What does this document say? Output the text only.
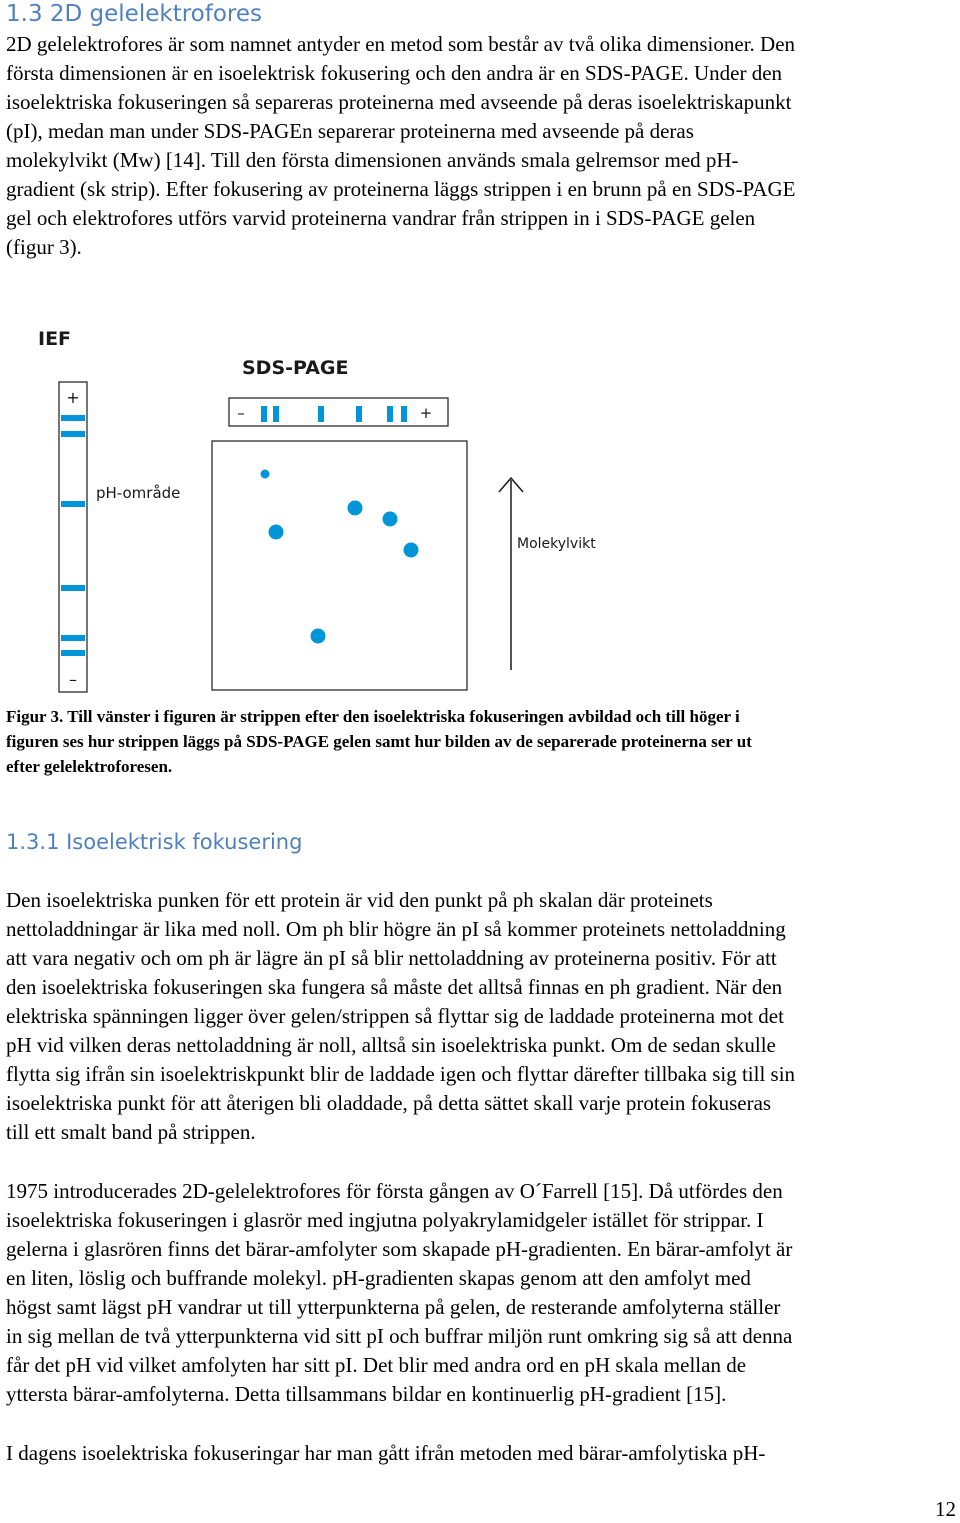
1.3 2D gelelektrofores
2D gelelektrofores är som namnet antyder en metod som består av två olika dimensioner. Den
första dimensionen är en isoelektrisk fokusering och den andra är en SDS-PAGE. Under den
isoelektriska fokuseringen så separeras proteinerna med avseende på deras isoelektriskapunkt
(pI), medan man under SDS-PAGEn separerar proteinerna med avseende på deras
molekylvikt (Mw) [14]. Till den första dimensionen används smala gelremsor med pH-
gradient (sk strip). Efter fokusering av proteinerna läggs strippen i en brunn på en SDS-PAGE
gel och elektrofores utförs varvid proteinerna vandrar från strippen in i SDS-PAGE gelen
(figur 3).
IEF
+
–
pH-område
SDS-PAGE
–	+
Molekylvikt
Figur 3. Till vänster i figuren är strippen efter den isoelektriska fokuseringen avbildad och till höger i
figuren ses hur strippen läggs på SDS-PAGE gelen samt hur bilden av de separerade proteinerna ser ut
efter gelelektroforesen.
1.3.1 Isoelektrisk fokusering
Den isoelektriska punken för ett protein är vid den punkt på ph skalan där proteinets
nettoladdningar är lika med noll. Om ph blir högre än pI så kommer proteinets nettoladdning
att vara negativ och om ph är lägre än pI så blir nettoladdning av proteinerna positiv. För att
den isoelektriska fokuseringen ska fungera så måste det alltså finnas en ph gradient. När den
elektriska spänningen ligger över gelen/strippen så flyttar sig de laddade proteinerna mot det
pH vid vilken deras nettoladdning är noll, alltså sin isoelektriska punkt. Om de sedan skulle
flytta sig ifrån sin isoelektriskpunkt blir de laddade igen och flyttar därefter tillbaka sig till sin
isoelektriska punkt för att återigen bli oladdade, på detta sättet skall varje protein fokuseras
till ett smalt band på strippen.
1975 introducerades 2D-gelelektrofores för första gången av O´Farrell [15]. Då utfördes den
isoelektriska fokuseringen i glasrör med ingjutna polyakrylamidgeler istället för strippar. I
gelerna i glasrören finns det bärar-amfolyter som skapade pH-gradienten. En bärar-amfolyt är
en liten, löslig och buffrande molekyl. pH-gradienten skapas genom att den amfolyt med
högst samt lägst pH vandrar ut till ytterpunkterna på gelen, de resterande amfolyterna ställer
in sig mellan de två ytterpunkterna vid sitt pI och buffrar miljön runt omkring sig så att denna
får det pH vid vilket amfolyten har sitt pI. Det blir med andra ord en pH skala mellan de
yttersta bärar-amfolyterna. Detta tillsammans bildar en kontinuerlig pH-gradient [15].
I dagens isoelektriska fokuseringar har man gått ifrån metoden med bärar-amfolytiska pH-
12
